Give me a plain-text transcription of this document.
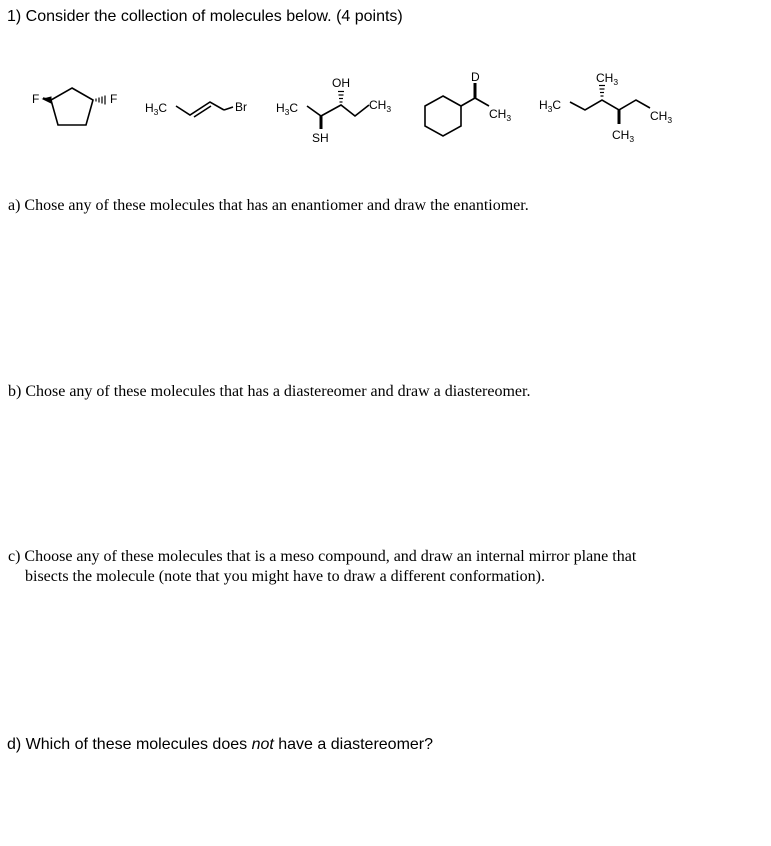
1) Consider the collection of molecules below. (4 points)
F	F
$H_3C$	Br $H_3C$
SH
OH
$CH_3$
D
$CH_3$
$H_3C$
$CH_3$
$CH_3$
$CH_3$
a) Chose any of these molecules that has an enantiomer and draw the enantiomer.
b) Chose any of these molecules that has a diastereomer and draw a diastereomer.
c) Choose any of these molecules that is a meso compound, and draw an internal mirror plane that
bisects the molecule (note that you might have to draw a different conformation).
d) Which of these molecules does not have a diastereomer?
